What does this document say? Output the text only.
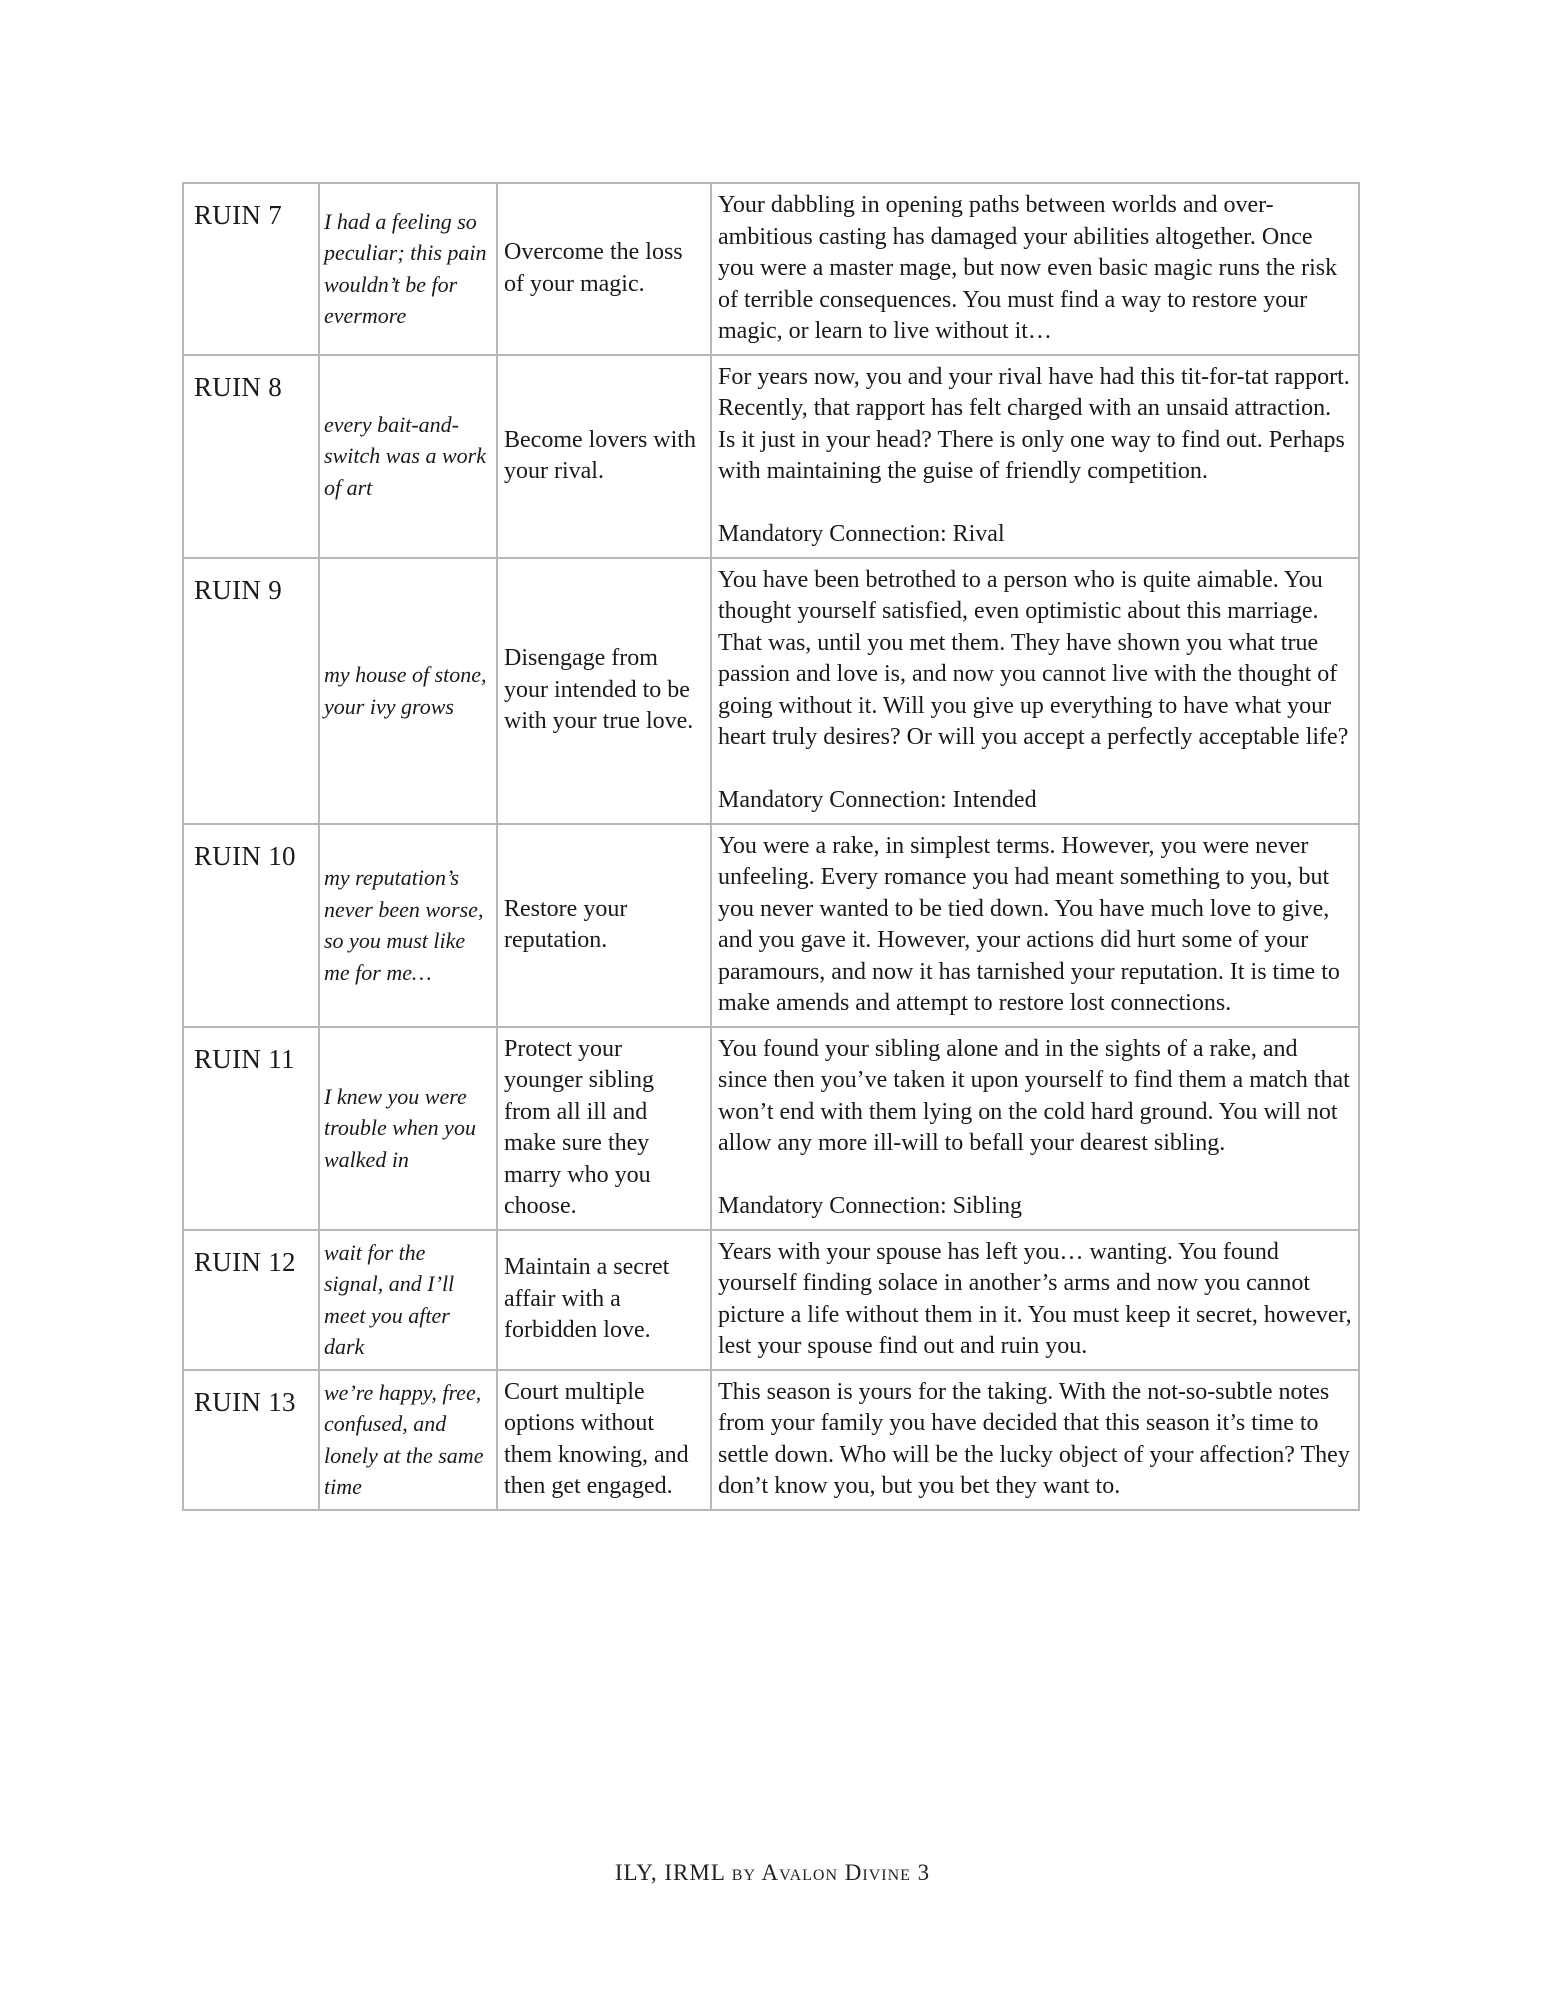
RUIN 7	I had a feeling so peculiar; this pain wouldn’t be for evermore	Overcome the loss of your magic.	Your dabbling in opening paths between worlds and over-ambitious casting has damaged your abilities altogether. Once you were a master mage, but now even basic magic runs the risk of terrible consequences. You must find a way to restore your magic, or learn to live without it…
RUIN 8	every bait-and-switch was a work of art	Become lovers with your rival.	For years now, you and your rival have had this tit-for-tat rapport. Recently, that rapport has felt charged with an unsaid attraction. Is it just in your head? There is only one way to find out. Perhaps with maintaining the guise of friendly competition.
Mandatory Connection: Rival

RUIN 9	my house of stone, your ivy grows	Disengage from your intended to be with your true love.	You have been betrothed to a person who is quite aimable. You thought yourself satisfied, even optimistic about this marriage. That was, until you met them. They have shown you what true passion and love is, and now you cannot live with the thought of going without it. Will you give up everything to have what your heart truly desires? Or will you accept a perfectly acceptable life?
Mandatory Connection: Intended

RUIN 10	my reputation’s never been worse, so you must like me for me…	Restore your reputation.	You were a rake, in simplest terms. However, you were never unfeeling. Every romance you had meant something to you, but you never wanted to be tied down. You have much love to give, and you gave it. However, your actions did hurt some of your paramours, and now it has tarnished your reputation. It is time to make amends and attempt to restore lost connections.
RUIN 11	I knew you were trouble when you walked in	Protect your younger sibling from all ill and make sure they marry who you choose.	You found your sibling alone and in the sights of a rake, and since then you’ve taken it upon yourself to find them a match that won’t end with them lying on the cold hard ground. You will not allow any more ill-will to befall your dearest sibling.
Mandatory Connection: Sibling

RUIN 12	wait for the signal, and I’ll meet you after dark	Maintain a secret affair with a forbidden love.	Years with your spouse has left you… wanting. You found yourself finding solace in another’s arms and now you cannot picture a life without them in it. You must keep it secret, however, lest your spouse find out and ruin you.
RUIN 13	we’re happy, free, confused, and lonely at the same time	Court multiple options without them knowing, and then get engaged.	This season is yours for the taking. With the not-so-subtle notes from your family you have decided that this season it’s time to settle down. Who will be the lucky object of your affection? They don’t know you, but you bet they want to.
ILY, IRML by Avalon Divine 3
